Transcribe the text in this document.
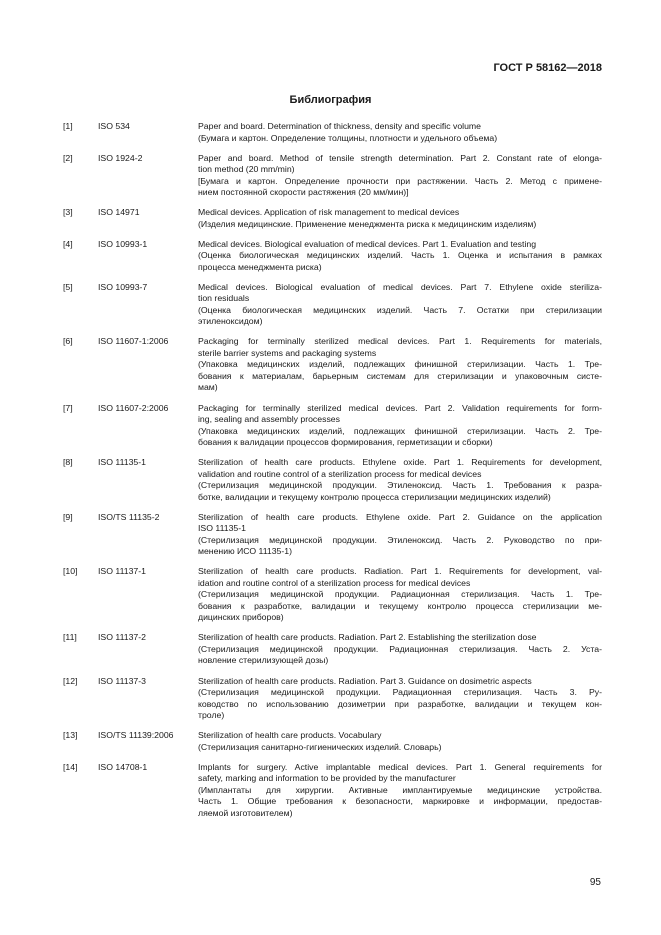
ГОСТ Р 58162—2018
Библиография
[1]	ISO 534	Paper and board. Determination of thickness, density and specific volume
(Бумага и картон. Определение толщины, плотности и удельного объема)
[2]	ISO 1924-2	Paper and board. Method of tensile strength determination. Part 2. Constant rate of elonga-
tion method (20 mm/min)
[Бумага и картон. Определение прочности при растяжении. Часть 2. Метод с примене-
нием постоянной скорости растяжения (20 мм/мин)]
[3]	ISO 14971	Medical devices. Application of risk management to medical devices
(Изделия медицинские. Применение менеджмента риска к медицинским изделиям)
[4]	ISO 10993-1	Medical devices. Biological evaluation of medical devices. Part 1. Evaluation and testing
(Оценка биологическая медицинских изделий. Часть 1. Оценка и испытания в рамках
процесса менеджмента риска)
[5]	ISO 10993-7	Medical devices. Biological evaluation of medical devices. Part 7. Ethylene oxide steriliza-
tion residuals
(Оценка биологическая медицинских изделий. Часть 7. Остатки при стерилизации
этиленоксидом)
[6]	ISO 11607-1:2006	Packaging for terminally sterilized medical devices. Part 1. Requirements for materials,
sterile barrier systems and packaging systems
(Упаковка медицинских изделий, подлежащих финишной стерилизации. Часть 1. Тре-
бования к материалам, барьерным системам для стерилизации и упаковочным систе-
мам)
[7]	ISO 11607-2:2006	Packaging for terminally sterilized medical devices. Part 2. Validation requirements for form-
ing, sealing and assembly processes
(Упаковка медицинских изделий, подлежащих финишной стерилизации. Часть 2. Тре-
бования к валидации процессов формирования, герметизации и сборки)
[8]	ISO 11135-1	Sterilization of health care products. Ethylene oxide. Part 1. Requirements for development,
validation and routine control of a sterilization process for medical devices
(Стерилизация медицинской продукции. Этиленоксид. Часть 1. Требования к разра-
ботке, валидации и текущему контролю процесса стерилизации медицинских изделий)
[9]	ISO/TS 11135-2	Sterilization of health care products. Ethylene oxide. Part 2. Guidance on the application
ISO 11135-1
(Стерилизация медицинской продукции. Этиленоксид. Часть 2. Руководство по при-
менению ИСО 11135-1)
[10]	ISO 11137-1	Sterilization of health care products. Radiation. Part 1. Requirements for development, val-
idation and routine control of a sterilization process for medical devices
(Стерилизация медицинской продукции. Радиационная стерилизация. Часть 1. Тре-
бования к разработке, валидации и текущему контролю процесса стерилизации ме-
дицинских приборов)
[11]	ISO 11137-2	Sterilization of health care products. Radiation. Part 2. Establishing the sterilization dose
(Стерилизация медицинской продукции. Радиационная стерилизация. Часть 2. Уста-
новление стерилизующей дозы)
[12]	ISO 11137-3	Sterilization of health care products. Radiation. Part 3. Guidance on dosimetric aspects
(Стерилизация медицинской продукции. Радиационная стерилизация. Часть 3. Ру-
ководство по использованию дозиметрии при разработке, валидации и текущем кон-
троле)
[13]	ISO/TS 11139:2006	Sterilization of health care products. Vocabulary
(Стерилизация санитарно-гигиенических изделий. Словарь)
[14]	ISO 14708-1	Implants for surgery. Active implantable medical devices. Part 1. General requirements for
safety, marking and information to be provided by the manufacturer
(Имплантаты для хирургии. Активные имплантируемые медицинские устройства.
Часть 1. Общие требования к безопасности, маркировке и информации, предостав-
ляемой изготовителем)
95
